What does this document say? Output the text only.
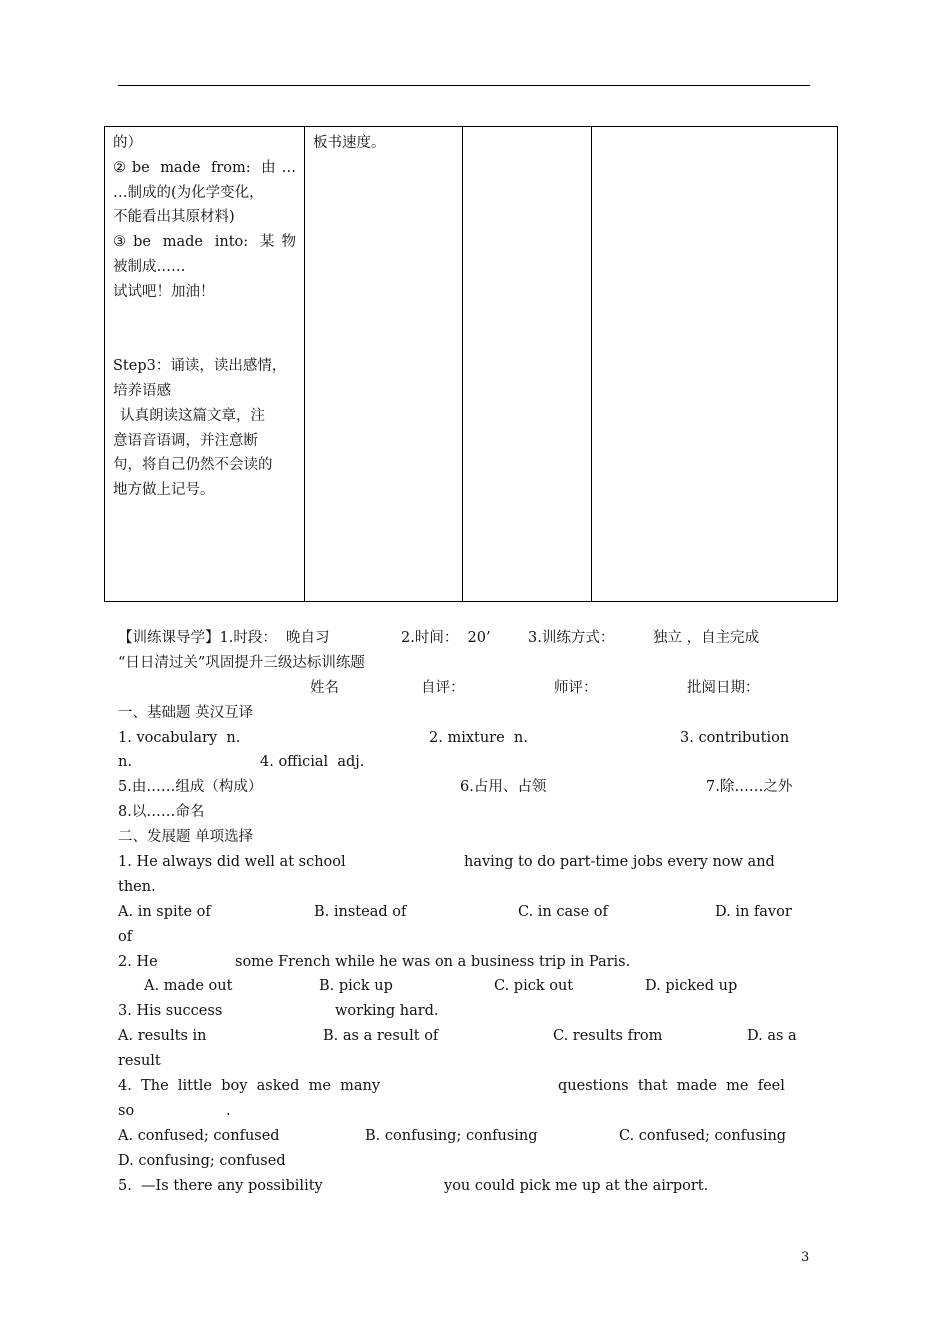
的）
②be made from: 由…
…制成的(为化学变化，
不能看出其原材料)
③be made into: 某物
被制成……
试试吧！加油！
Step3：诵读，读出感情，
培养语感
认真朗读这篇文章，注
意语音语调，并注意断
句，将自己仍然不会读的
地方做上记号。

板书速度。

【训练课导学】1.时段：  晚自习

	2.时间：  20’

	3.训练方式：

	独立 ，自主完成

“日日清过关”巩固提升三级达标训练题

姓名

	自评：

	师评：

	批阅日期：

一、基础题 英汉互译

1. vocabulary  n.

	2. mixture  n.

	3. contribution

n.

	4. official  adj.

5.由……组成（构成）

	6.占用、占领

	7.除……之外

8.以……命名
二、发展题 单项选择

1. He always did well at school

	having to do part-time jobs every now and

then.

A. in spite of

	B. instead of

	C. in case of

	D. in favor

of

2. He

	some French while he was on a business trip in Paris.

A. made out

	B. pick up

	C. pick out

	D. picked up

3. His success

	working hard.

A. results in

	B. as a result of

	C. results from

	D. as a

result

4.  The  little  boy  asked  me  many

	questions  that  made  me  feel

so

	.

A. confused; confused

	B. confusing; confusing

	C. confused; confusing

D. confusing; confused

5.  —Is there any possibility

	you could pick me up at the airport.

3
